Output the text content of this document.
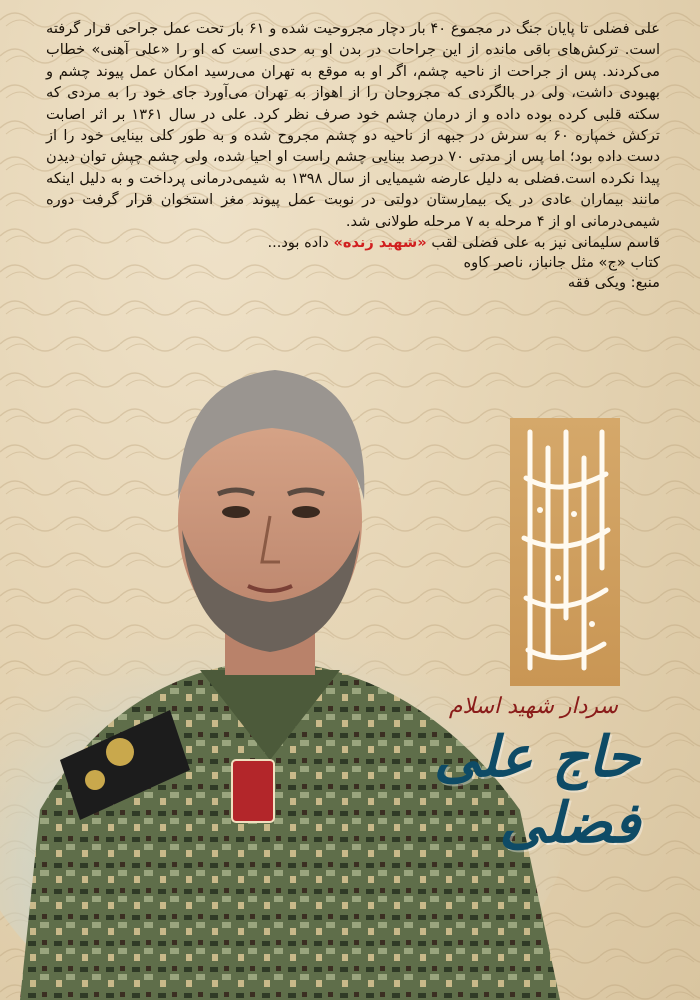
علی فضلی تا پایان جنگ در مجموع ۴۰ بار دچار مجروحیت شده و ۶۱ بار تحت عمل جراحی قرار گرفته است. ترکش‌های باقی مانده از این جراحات در بدن او به حدی است که او را «علی آهنی» خطاب می‌کردند. پس از جراحت از ناحیه چشم، اگر او به موقع به تهران می‌رسید امکان عمل پیوند چشم و بهبودی داشت، ولی در بالگردی که مجروحان را از اهواز به تهران می‌آورد جای خود را به مردی که سکته قلبی کرده بوده داده و از درمان چشم خود صرف نظر کرد. علی در سال ۱۳۶۱ بر اثر اصابت ترکش خمپاره ۶۰ به سرش در جبهه از ناحیه دو چشم مجروح شده و به طور کلی بینایی خود را از دست داده بود؛ اما پس از مدتی ۷۰ درصد بینایی چشم راست او احیا شده، ولی چشم چپش توان دیدن پیدا نکرده است.فضلی به دلیل عارضه شیمیایی از سال ۱۳۹۸ به شیمی‌درمانی پرداخت و به دلیل اینکه مانند بیماران عادی در یک بیمارستان دولتی در نوبت عمل پیوند مغز استخوان قرار گرفت دوره شیمی‌درمانی او از ۴ مرحله به ۷ مرحله طولانی شد.

قاسم سلیمانی نیز به علی فضلی لقب «شهید زنده» داده بود...

کتاب «ج» مثل جانباز، ناصر کاوه
منبع: ویکی فقه
سردار شهید اسلام
حاج علی فضلی
